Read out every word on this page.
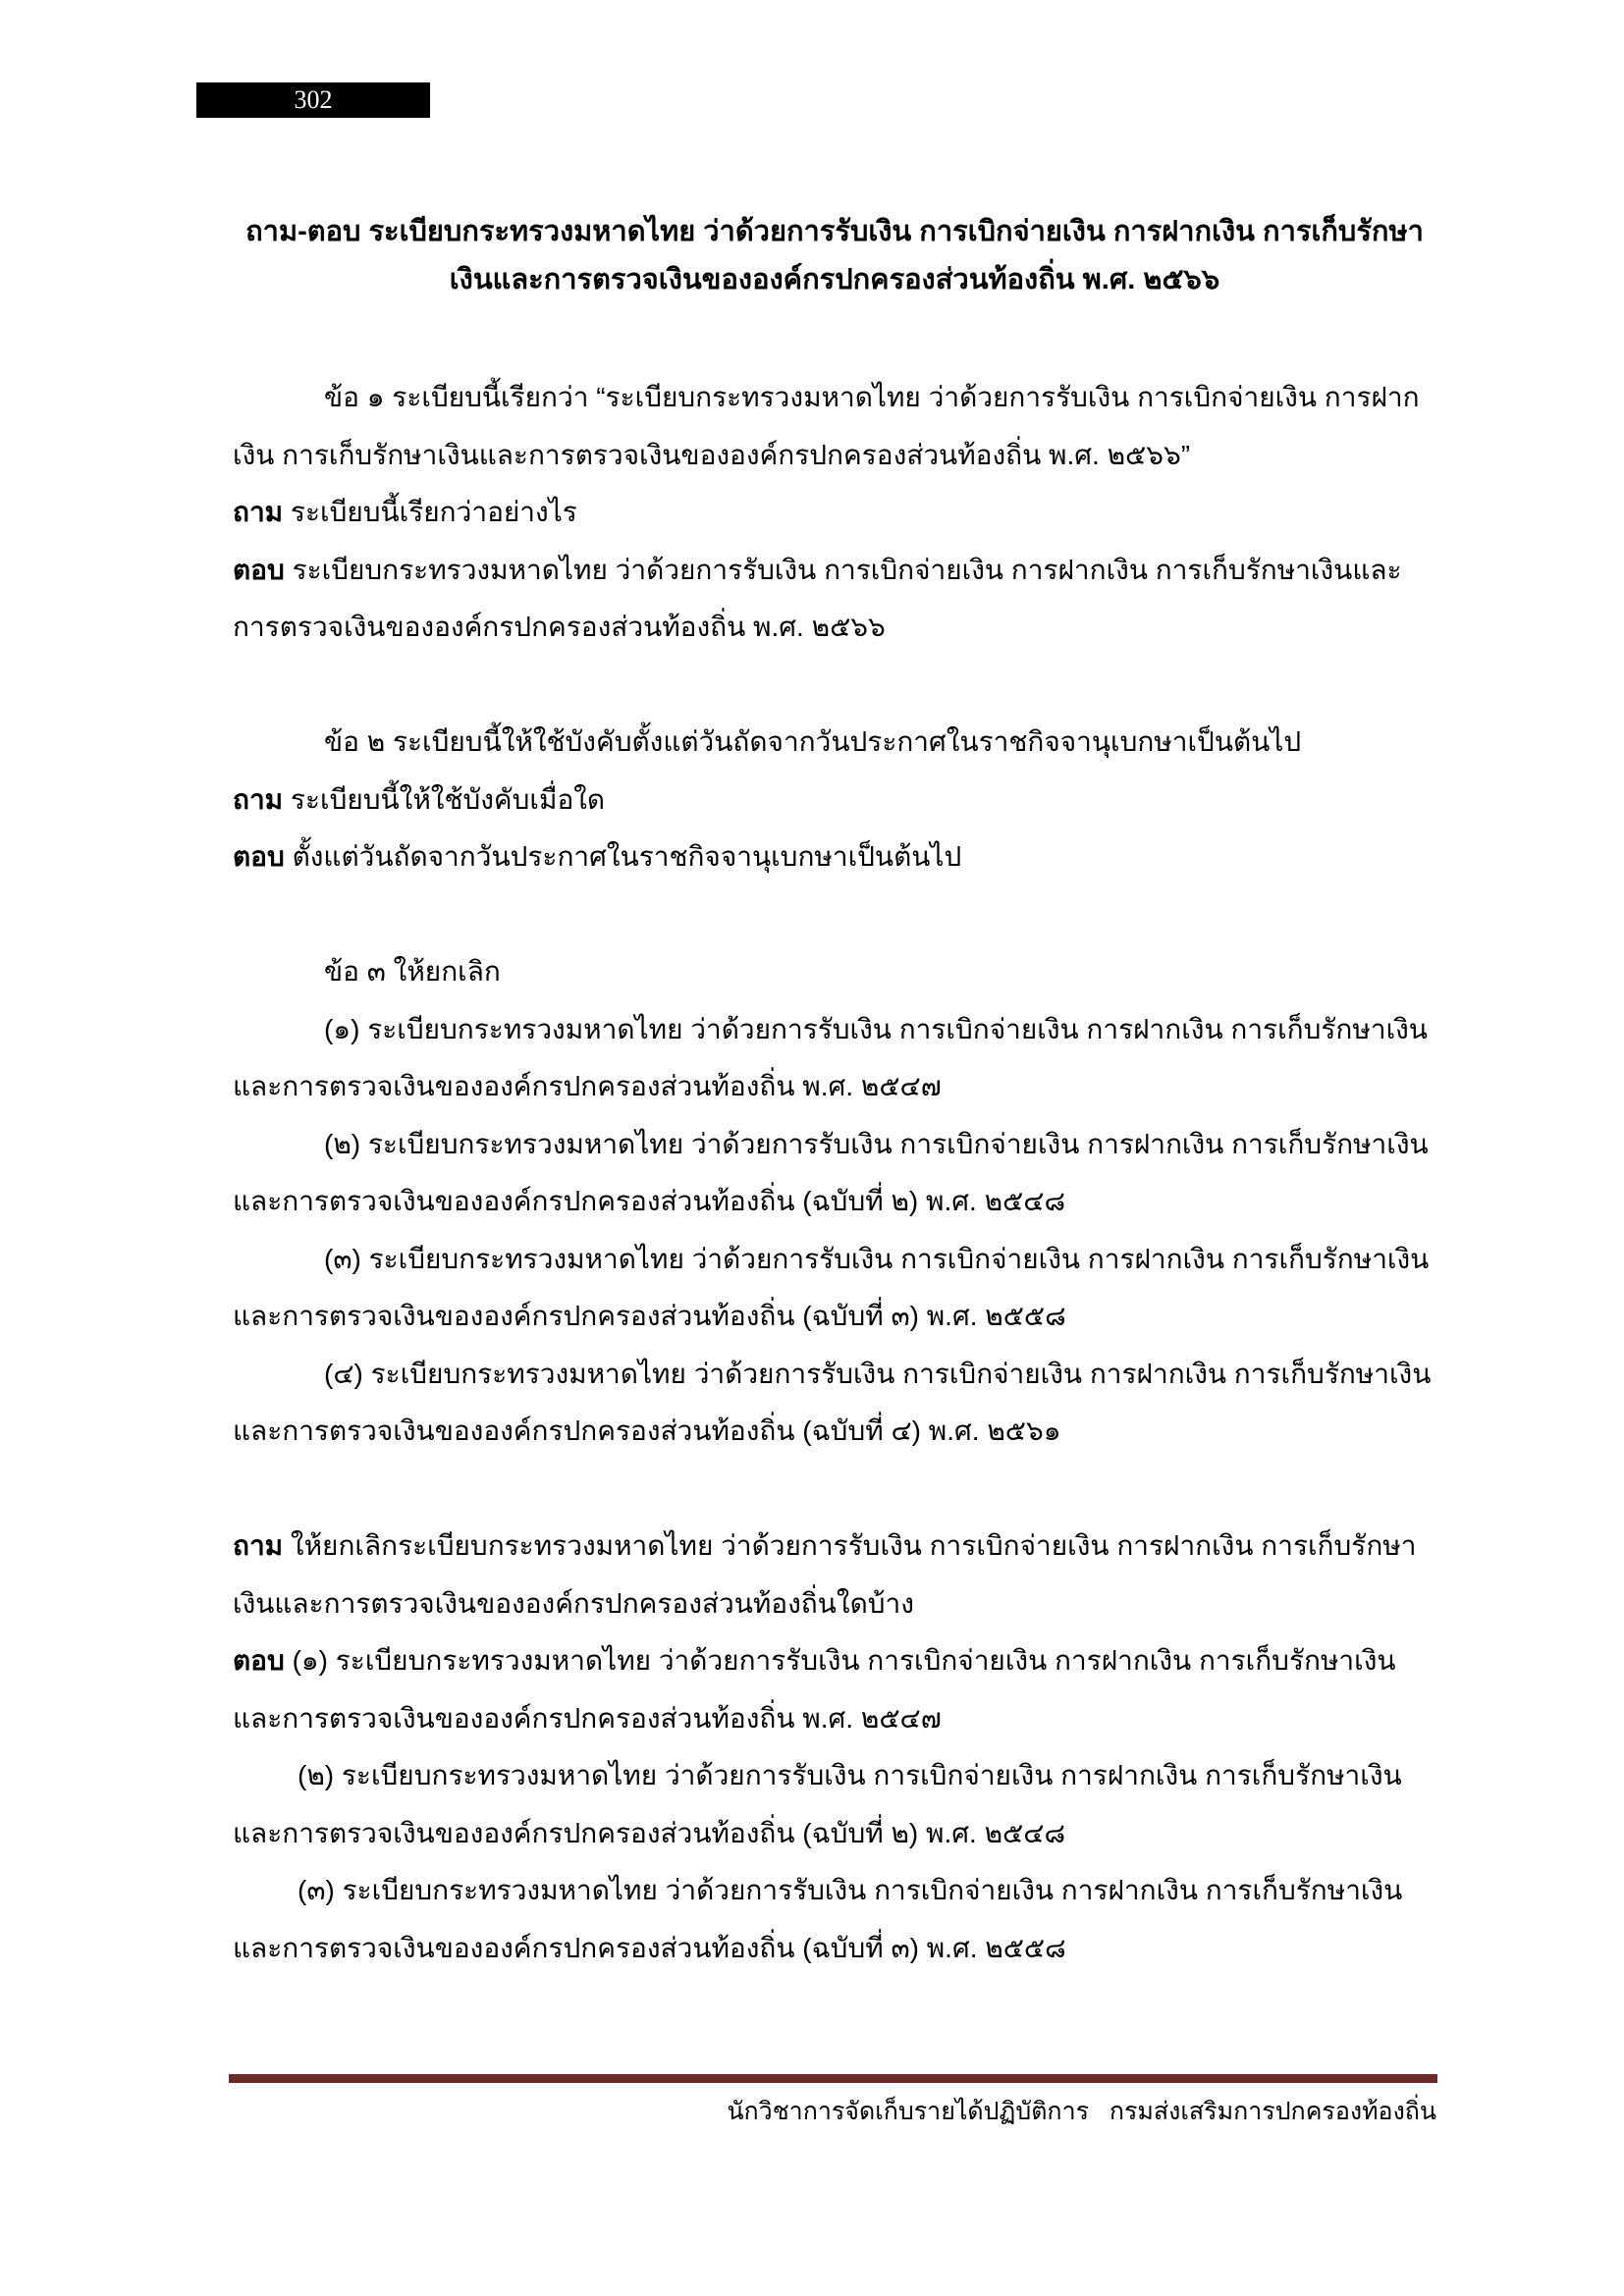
302
ถาม-ตอบ ระเบียบกระทรวงมหาดไทย ว่าด้วยการรับเงิน การเบิกจ่ายเงิน การฝากเงิน การเก็บรักษา
เงินและการตรวจเงินขององค์กรปกครองส่วนท้องถิ่น พ.ศ. ๒๕๖๖
ข้อ ๑ ระเบียบนี้เรียกว่า “ระเบียบกระทรวงมหาดไทย ว่าด้วยการรับเงิน การเบิกจ่ายเงิน การฝาก
เงิน การเก็บรักษาเงินและการตรวจเงินขององค์กรปกครองส่วนท้องถิ่น พ.ศ. ๒๕๖๖”
ถาม ระเบียบนี้เรียกว่าอย่างไร
ตอบ ระเบียบกระทรวงมหาดไทย ว่าด้วยการรับเงิน การเบิกจ่ายเงิน การฝากเงิน การเก็บรักษาเงินและ
การตรวจเงินขององค์กรปกครองส่วนท้องถิ่น พ.ศ. ๒๕๖๖
ข้อ ๒ ระเบียบนี้ให้ใช้บังคับตั้งแต่วันถัดจากวันประกาศในราชกิจจานุเบกษาเป็นต้นไป
ถาม ระเบียบนี้ให้ใช้บังคับเมื่อใด
ตอบ ตั้งแต่วันถัดจากวันประกาศในราชกิจจานุเบกษาเป็นต้นไป
ข้อ ๓ ให้ยกเลิก
(๑) ระเบียบกระทรวงมหาดไทย ว่าด้วยการรับเงิน การเบิกจ่ายเงิน การฝากเงิน การเก็บรักษาเงิน
และการตรวจเงินขององค์กรปกครองส่วนท้องถิ่น พ.ศ. ๒๕๔๗
(๒) ระเบียบกระทรวงมหาดไทย ว่าด้วยการรับเงิน การเบิกจ่ายเงิน การฝากเงิน การเก็บรักษาเงิน
และการตรวจเงินขององค์กรปกครองส่วนท้องถิ่น (ฉบับที่ ๒) พ.ศ. ๒๕๔๘
(๓) ระเบียบกระทรวงมหาดไทย ว่าด้วยการรับเงิน การเบิกจ่ายเงิน การฝากเงิน การเก็บรักษาเงิน
และการตรวจเงินขององค์กรปกครองส่วนท้องถิ่น (ฉบับที่ ๓) พ.ศ. ๒๕๕๘
(๔) ระเบียบกระทรวงมหาดไทย ว่าด้วยการรับเงิน การเบิกจ่ายเงิน การฝากเงิน การเก็บรักษาเงิน
และการตรวจเงินขององค์กรปกครองส่วนท้องถิ่น (ฉบับที่ ๔) พ.ศ. ๒๕๖๑
ถาม ให้ยกเลิกระเบียบกระทรวงมหาดไทย ว่าด้วยการรับเงิน การเบิกจ่ายเงิน การฝากเงิน การเก็บรักษา
เงินและการตรวจเงินขององค์กรปกครองส่วนท้องถิ่นใดบ้าง
ตอบ (๑) ระเบียบกระทรวงมหาดไทย ว่าด้วยการรับเงิน การเบิกจ่ายเงิน การฝากเงิน การเก็บรักษาเงิน
และการตรวจเงินขององค์กรปกครองส่วนท้องถิ่น พ.ศ. ๒๕๔๗
(๒) ระเบียบกระทรวงมหาดไทย ว่าด้วยการรับเงิน การเบิกจ่ายเงิน การฝากเงิน การเก็บรักษาเงิน
และการตรวจเงินขององค์กรปกครองส่วนท้องถิ่น (ฉบับที่ ๒) พ.ศ. ๒๕๔๘
(๓) ระเบียบกระทรวงมหาดไทย ว่าด้วยการรับเงิน การเบิกจ่ายเงิน การฝากเงิน การเก็บรักษาเงิน
และการตรวจเงินขององค์กรปกครองส่วนท้องถิ่น (ฉบับที่ ๓) พ.ศ. ๒๕๕๘
นักวิชาการจัดเก็บรายได้ปฏิบัติการ   กรมส่งเสริมการปกครองท้องถิ่น
